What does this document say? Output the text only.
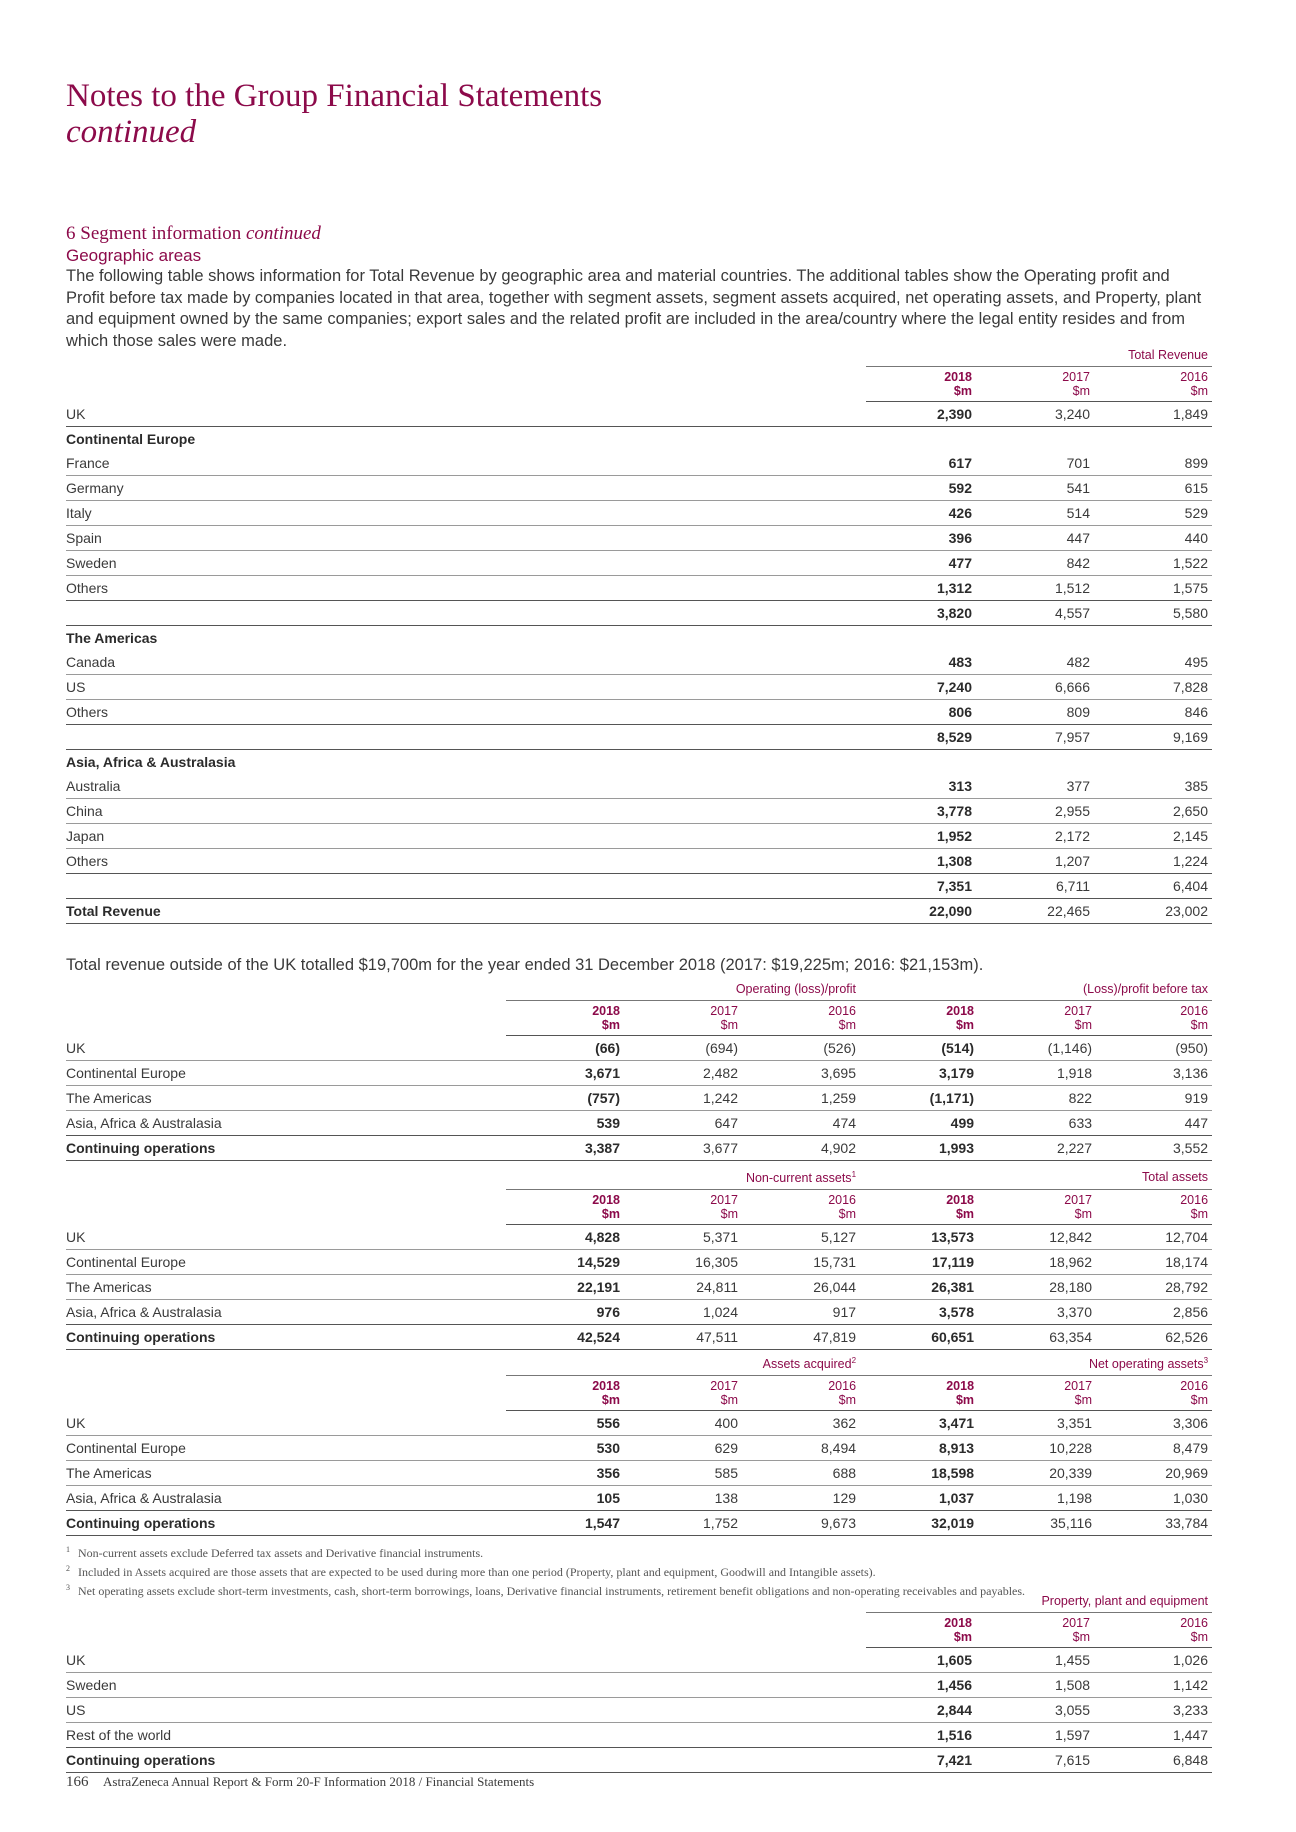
Notes to the Group Financial Statements
continued
6 Segment information continued
Geographic areas

The following table shows information for Total Revenue by geographic area and material countries. The additional tables show the Operating profit and Profit before tax made by companies located in that area, together with segment assets, segment assets acquired, net operating assets, and Property, plant and equipment owned by the same companies; export sales and the related profit are included in the area/country where the legal entity resides and from which those sales were made.

	Total Revenue		

	2018
$m	2017
$m	2016
$m

UK	2,390	3,240	1,849

Continental Europe			
France	617	701	899
Germany	592	541	615
Italy	426	514	529
Spain	396	447	440
Sweden	477	842	1,522
Others	1,312	1,512	1,575
	3,820	4,557	5,580
The Americas			
Canada	483	482	495
US	7,240	6,666	7,828
Others	806	809	846
	8,529	7,957	9,169
Asia, Africa & Australasia			
Australia	313	377	385
China	3,778	2,955	2,650
Japan	1,952	2,172	2,145
Others	1,308	1,207	1,224
	7,351	6,711	6,404
Total Revenue	22,090	22,465	23,002
Total revenue outside of the UK totalled $19,700m for the year ended 31 December 2018 (2017: $19,225m; 2016: $21,153m).
	Operating (loss)/profit			(Loss)/profit before tax		

	2018
$m	2017
$m	2016
$m	2018
$m	2017
$m	2016
$m

UK	(66)	(694)	(526)	(514)	(1,146)	(950)
Continental Europe	3,671	2,482	3,695	3,179	1,918	3,136
The Americas	(757)	1,242	1,259	(1,171)	822	919
Asia, Africa & Australasia	539	647	474	499	633	447
Continuing operations	3,387	3,677	4,902	1,993	2,227	3,552
	Non-current assets$^1$			Total assets		

	2018
$m	2017
$m	2016
$m	2018
$m	2017
$m	2016
$m

UK	4,828	5,371	5,127	13,573	12,842	12,704
Continental Europe	14,529	16,305	15,731	17,119	18,962	18,174
The Americas	22,191	24,811	26,044	26,381	28,180	28,792
Asia, Africa & Australasia	976	1,024	917	3,578	3,370	2,856
Continuing operations	42,524	47,511	47,819	60,651	63,354	62,526
	Assets acquired$^2$			Net operating assets$^3$

	2018
$m	2017
$m	2016
$m	2018
$m	2017
$m	2016
$m

UK	556	400	362	3,471	3,351	3,306
Continental Europe	530	629	8,494	8,913	10,228	8,479
The Americas	356	585	688	18,598	20,339	20,969
Asia, Africa & Australasia	105	138	129	1,037	1,198	1,030
Continuing operations	1,547	1,752	9,673	32,019	35,116	33,784
$^1$ Non-current assets exclude Deferred tax assets and Derivative financial instruments.
$^2$ Included in Assets acquired are those assets that are expected to be used during more than one period (Property, plant and equipment, Goodwill and Intangible assets).
$^3$ Net operating assets exclude short-term investments, cash, short-term borrowings, loans, Derivative financial instruments, retirement benefit obligations and non-operating receivables and payables.
	Property, plant and equipment		

	2018
$m	2017
$m	2016
$m

UK	1,605	1,455	1,026
Sweden	1,456	1,508	1,142
US	2,844	3,055	3,233
Rest of the world	1,516	1,597	1,447
Continuing operations	7,421	7,615	6,848
166 AstraZeneca Annual Report & Form 20-F Information 2018 / Financial Statements
